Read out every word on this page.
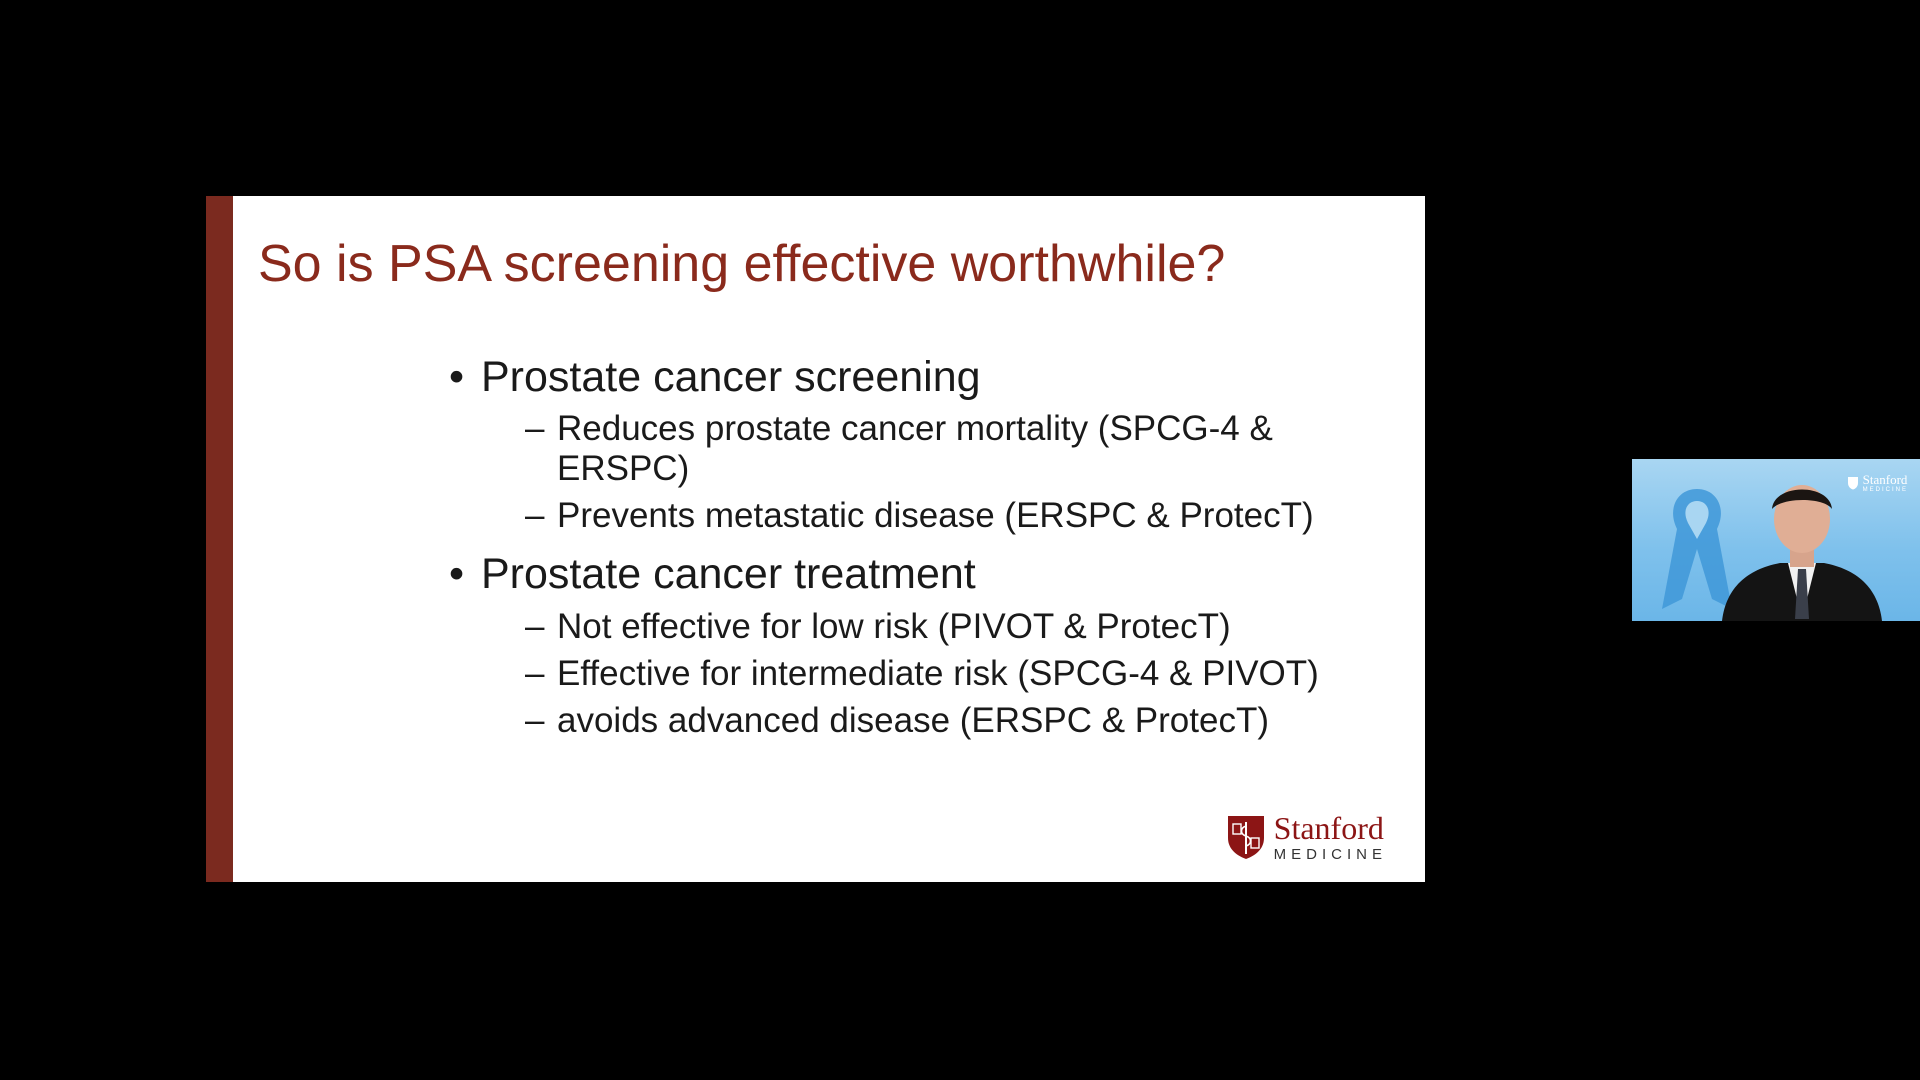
So is PSA screening effective worthwhile?
• Prostate cancer screening
– Reduces prostate cancer mortality (SPCG-4 & ERSPC)
– Prevents metastatic disease (ERSPC & ProtecT)
• Prostate cancer treatment
– Not effective for low risk (PIVOT & ProtecT)
– Effective for intermediate risk (SPCG-4 & PIVOT)
– avoids advanced disease (ERSPC & ProtecT)
Stanford
MEDICINE
Stanford
MEDICINE
